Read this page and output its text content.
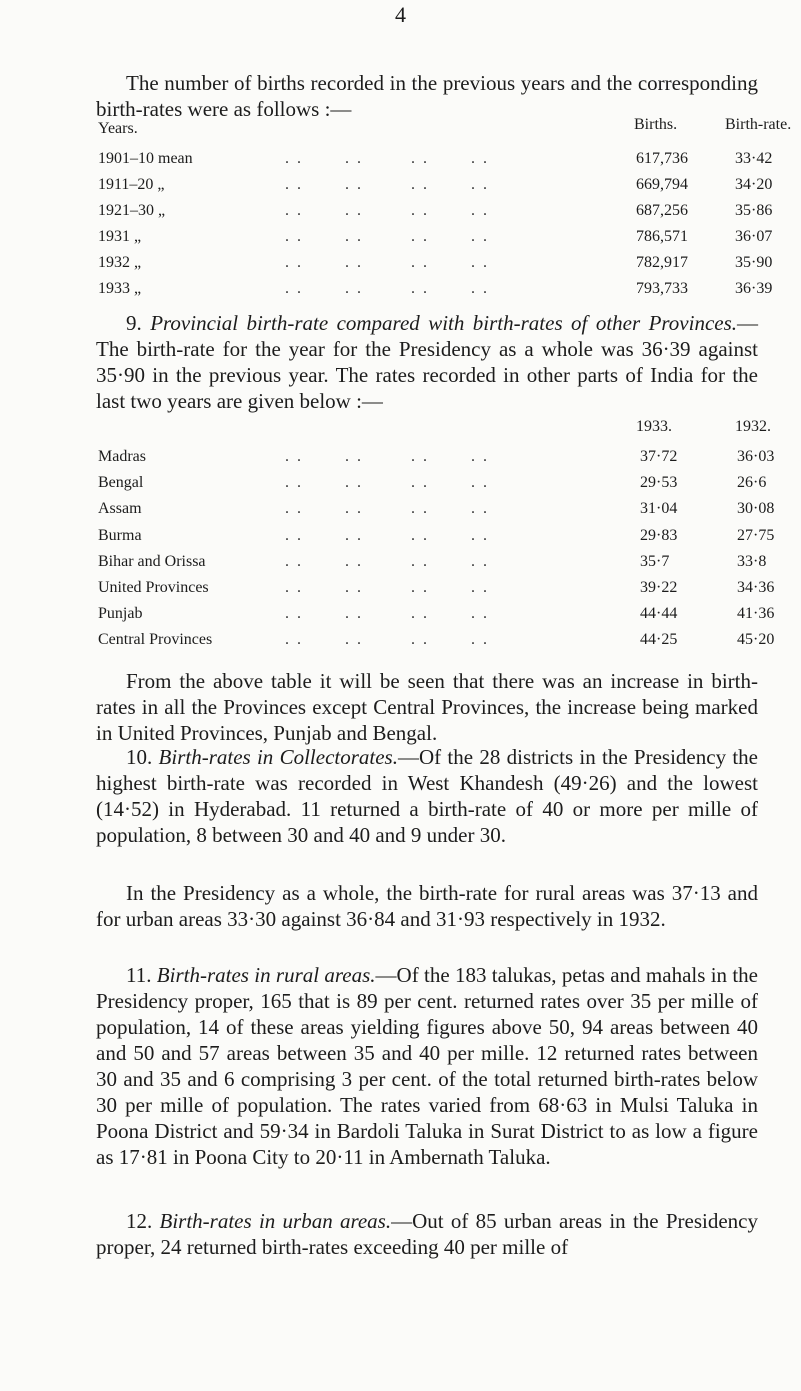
4

The number of births recorded in the previous years and the corresponding birth-rates were as follows :—

Years.	Births.	Birth-rate.
1901–10 mean	. .       . .        . .       . .	617,736	33·42
1911–20 „	. .       . .        . .       . .	669,794	34·20
1921–30 „	. .       . .        . .       . .	687,256	35·86
1931 „	. .       . .        . .       . .	786,571	36·07
1932 „	. .       . .        . .       . .	782,917	35·90
1933 „	. .       . .        . .       . .	793,733	36·39

9. Provincial birth-rate compared with birth-rates of other Provinces.—The birth-rate for the year for the Presidency as a whole was 36·39 against 35·90 in the previous year. The rates recorded in other parts of India for the last two years are given below :—

1933.	1932.
Madras	. .       . .        . .       . .	37·72	36·03
Bengal	. .       . .        . .       . .	29·53	26·6
Assam	. .       . .        . .       . .	31·04	30·08
Burma	. .       . .        . .       . .	29·83	27·75
Bihar and Orissa	. .       . .        . .       . .	35·7	33·8
United Provinces	. .       . .        . .       . .	39·22	34·36
Punjab	. .       . .        . .       . .	44·44	41·36
Central Provinces	. .       . .        . .       . .	44·25	45·20

From the above table it will be seen that there was an increase in birth-rates in all the Provinces except Central Provinces, the increase being marked in United Provinces, Punjab and Bengal.

10. Birth-rates in Collectorates.—Of the 28 districts in the Presidency the highest birth-rate was recorded in West Khandesh (49·26) and the lowest (14·52) in Hyderabad. 11 returned a birth-rate of 40 or more per mille of population, 8 between 30 and 40 and 9 under 30.

In the Presidency as a whole, the birth-rate for rural areas was 37·13 and for urban areas 33·30 against 36·84 and 31·93 respectively in 1932.

11. Birth-rates in rural areas.—Of the 183 talukas, petas and mahals in the Presidency proper, 165 that is 89 per cent. returned rates over 35 per mille of population, 14 of these areas yielding figures above 50, 94 areas between 40 and 50 and 57 areas between 35 and 40 per mille. 12 returned rates between 30 and 35 and 6 comprising 3 per cent. of the total returned birth-rates below 30 per mille of population. The rates varied from 68·63 in Mulsi Taluka in Poona District and 59·34 in Bardoli Taluka in Surat District to as low a figure as 17·81 in Poona City to 20·11 in Ambernath Taluka.

12. Birth-rates in urban areas.—Out of 85 urban areas in the Presidency proper, 24 returned birth-rates exceeding 40 per mille of
